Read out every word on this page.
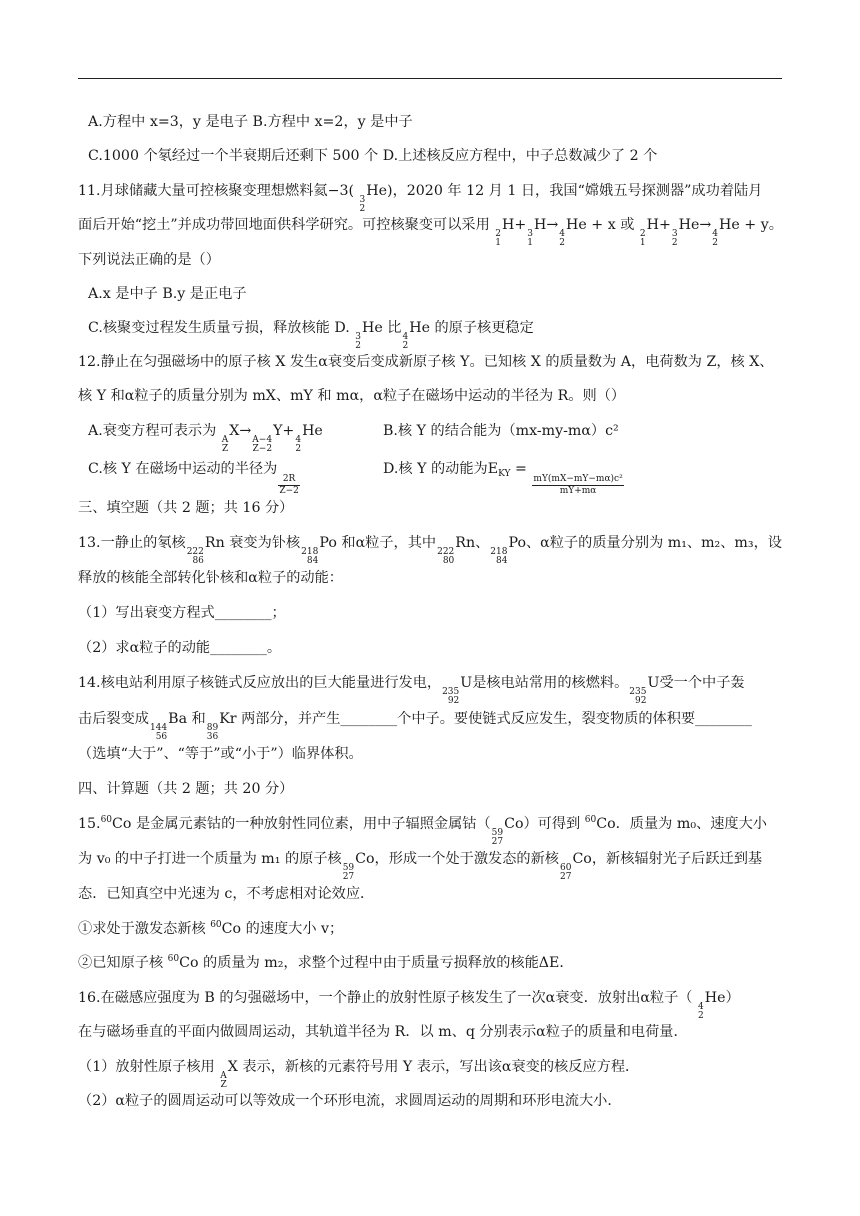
A.方程中 x=3，y 是电子 B.方程中 x=2，y 是中子
C.1000 个氡经过一个半衰期后还剩下 500 个 D.上述核反应方程中，中子总数减少了 2 个
11.月球储藏大量可控核聚变理想燃料氦−3(
3
2
He)，2020 年 12 月 1 日，我国“嫦娥五号探测器”成功着陆月
面后开始“挖土”并成功带回地面供科学研究。可控核聚变可以采用
2
1
H+
3
1
H→
4
2
He + x 或
2
1
H+
3
2
He→
4
2
He + y。
下列说法正确的是（）
A.x 是中子 B.y 是正电子
C.核聚变过程发生质量亏损，释放核能 D.
3
2
He 比
4
2
He 的原子核更稳定
12.静止在匀强磁场中的原子核 X 发生α衰变后变成新原子核 Y。已知核 X 的质量数为 A，电荷数为 Z，核 X、
核 Y 和α粒子的质量分别为 mX、mY 和 mα，α粒子在磁场中运动的半径为 R。则（）
A.衰变方程可表示为
A
Z
X→
A−4
Z−2
Y+
4
2
He	B.核 Y 的结合能为（mx-my-mα）c²
C.核 Y 在磁场中运动的半径为
$\frac{2R}{Z-2}$
D.核 Y 的动能为$E_{KY}$ =
$\frac{\text{mY(mX−mY−mα)c²}}{mY+m\alpha}$
三、填空题（共 2 题；共 16 分）
13.一静止的氡核
222
86
Rn 衰变为钋核
218
84
Po 和α粒子，其中
222
80
Rn、
218
84
Po、α粒子的质量分别为 m₁、m₂、m₃，设
释放的核能全部转化钋核和α粒子的动能：
（1）写出衰变方程式________；
（2）求α粒子的动能________。
14.核电站利用原子核链式反应放出的巨大能量进行发电，
235
92
U是核电站常用的核燃料。
235
92
U受一个中子轰
击后裂变成
144
56
Ba 和
89
36
Kr 两部分，并产生________个中子。要使链式反应发生，裂变物质的体积要________
（选填“大于”、“等于”或“小于”）临界体积。
四、计算题（共 2 题；共 20 分）
15.60Co 是金属元素钴的一种放射性同位素，用中子辐照金属钴（
59
27
Co）可得到 $^{60}$Co．质量为 m₀、速度大小
为 v₀ 的中子打进一个质量为 m₁ 的原子核
59
27
Co，形成一个处于激发态的新核
60
27
Co，新核辐射光子后跃迁到基
态．已知真空中光速为 c，不考虑相对论效应．
①求处于激发态新核 $^{60}$Co 的速度大小 v；
②已知原子核 $^{60}$Co 的质量为 m₂，求整个过程中由于质量亏损释放的核能ΔE．
16.在磁感应强度为 B 的匀强磁场中，一个静止的放射性原子核发生了一次α衰变．放射出α粒子（
4
2
He）
在与磁场垂直的平面内做圆周运动，其轨道半径为 R．以 m、q 分别表示α粒子的质量和电荷量．
（1）放射性原子核用
A
Z
X 表示，新核的元素符号用 Y 表示，写出该α衰变的核反应方程．
（2）α粒子的圆周运动可以等效成一个环形电流，求圆周运动的周期和环形电流大小．
